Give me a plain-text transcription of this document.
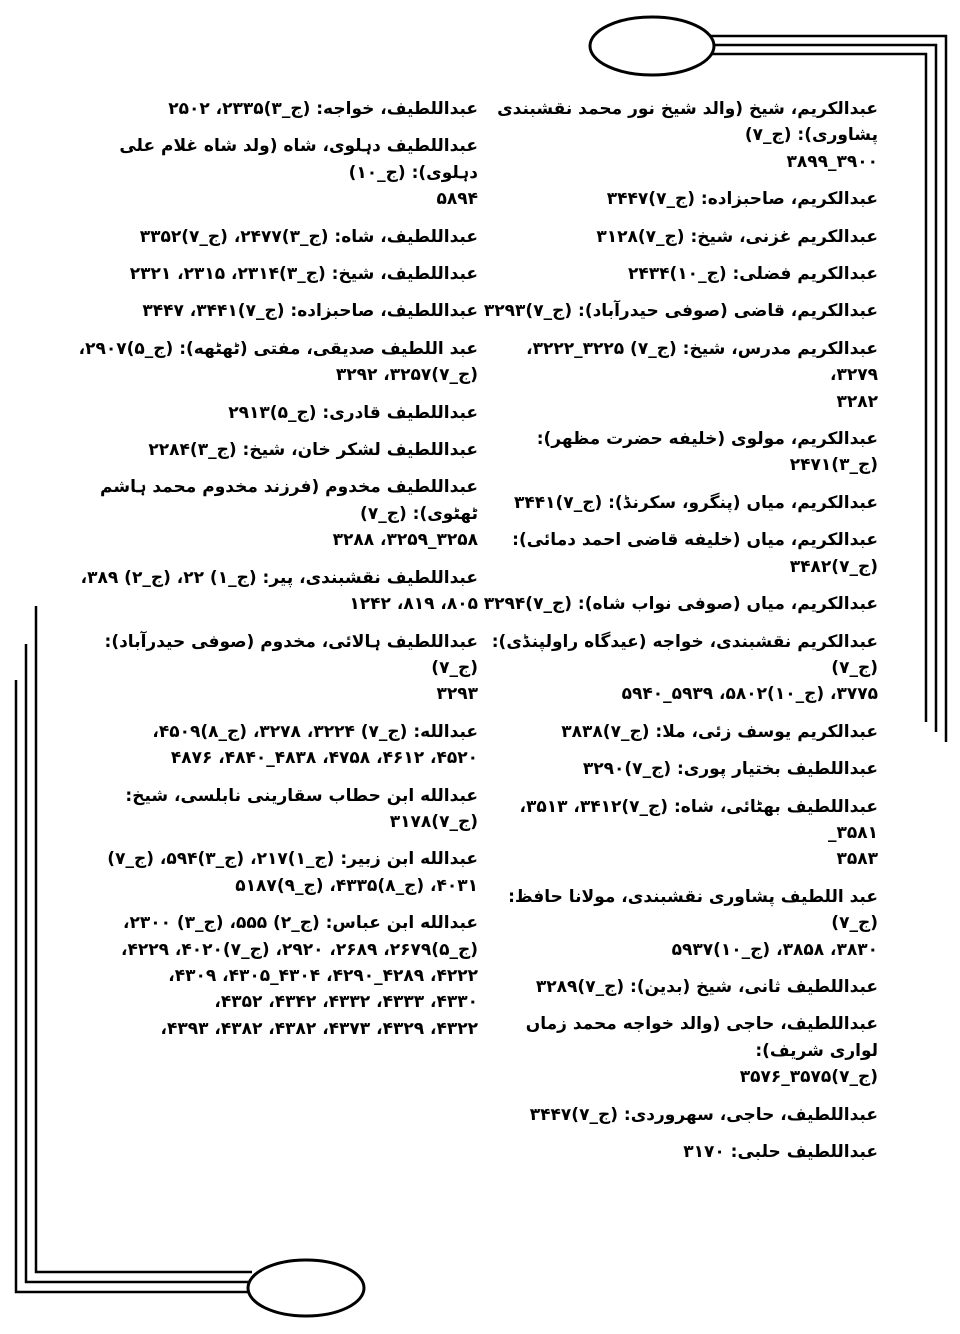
عبدالكريم، شيخ (والد شيخ نور محمد نقشبندی پشاوری): (ج_۷)
۳۹۰۰_۳۸۹۹
عبدالكريم، صاحبزاده: (ج_۷)۳۴۴۷
عبدالكريم غزنی، شيخ: (ج_۷)۳۱۲۸
عبدالكريم فضلی: (ج_۱۰)۲۴۳۴
عبدالكريم، قاضی (صوفی حيدرآباد): (ج_۷)۳۲۹۳
عبدالكريم مدرس، شيخ: (ج_۷) ۳۲۲۵_۳۲۲۲، ۳۲۷۹،
۳۲۸۲
عبدالكريم، مولوی (خليفه حضرت مظهر): (ج_۳)۲۴۷۱
عبدالكريم، مياں (پنگرو، سكرنڈ): (ج_۷)۳۴۴۱
عبدالكريم، مياں (خليفه قاضی احمد دمائی): (ج_۷)۳۴۸۲
عبدالكريم، مياں (صوفی نواب شاه): (ج_۷)۳۲۹۴
عبدالكريم نقشبندی، خواجه (عيدگاه راولپنڈی): (ج_۷)
۳۷۷۵، (ج_۱۰)۵۸۰۲، ۵۹۳۹_۵۹۴۰
عبدالكريم يوسف زئی، ملا: (ج_۷)۳۸۳۸
عبداللطيف بختيار پوری: (ج_۷)۳۲۹۰
عبداللطيف بهٹائی، شاه: (ج_۷)۳۴۱۲، ۳۵۱۳، ۳۵۸۱_
۳۵۸۳
عبد اللطيف پشاوری نقشبندی، مولانا حافظ: (ج_۷)
۳۸۳۰، ۳۸۵۸، (ج_۱۰)۵۹۳۷
عبداللطيف ثانی، شيخ (بدين): (ج_۷)۳۲۸۹
عبداللطيف، حاجی (والد خواجه محمد زماں لواری شريف):
(ج_۷)۳۵۷۵_۳۵۷۶
عبداللطيف، حاجی، سهروردی: (ج_۷)۳۴۴۷
عبداللطيف حلبی: ۳۱۷۰
عبداللطيف، خواجه: (ج_۳)۲۳۳۵، ۲۵۰۲
عبداللطيف دہلوی، شاه (ولد شاه غلام علی دہلوی): (ج_۱۰)
۵۸۹۴
عبداللطيف، شاه: (ج_۳)۲۴۷۷، (ج_۷)۳۳۵۲
عبداللطيف، شيخ: (ج_۳)۲۳۱۴، ۲۳۱۵، ۲۳۲۱
عبداللطيف، صاحبزاده: (ج_۷)۳۴۴۱، ۳۴۴۷
عبد اللطيف صديقی، مفتی (ٹھٹھه): (ج_۵)۲۹۰۷،
(ج_۷)۳۲۵۷، ۳۲۹۲
عبداللطيف قادری: (ج_۵)۲۹۱۳
عبداللطيف لشكر خان، شيخ: (ج_۳)۲۲۸۴
عبداللطيف مخدوم (فرزند مخدوم محمد ہاشم ٹھٹوی): (ج_۷)
۳۲۵۸_۳۲۵۹، ۳۲۸۸
عبداللطيف نقشبندی، پير: (ج_۱) ۲۲، (ج_۲) ۳۸۹،
۸۰۵، ۸۱۹، ۱۲۴۲
عبداللطيف ہالائی، مخدوم (صوفی حيدرآباد): (ج_۷)
۳۲۹۳
عبدالله: (ج_۷) ۳۲۲۴، ۳۲۷۸، (ج_۸)۴۵۰۹،
۴۵۲۰، ۴۶۱۲، ۴۷۵۸، ۴۸۳۸_۴۸۴۰، ۴۸۷۶
عبدالله ابن حطاب سقارينی نابلسی، شيخ: (ج_۷)۳۱۷۸
عبدالله ابن زبير: (ج_۱)۲۱۷، (ج_۳)۵۹۴، (ج_۷)
۴۰۳۱، (ج_۸)۴۳۳۵، (ج_۹)۵۱۸۷
عبدالله ابن عباس: (ج_۲) ۵۵۵، (ج_۳) ۲۳۰۰،
(ج_۵)۲۶۷۹، ۲۶۸۹، ۲۹۲۰، (ج_۷)۴۰۲۰، ۴۲۲۹،
۴۲۲۲، ۴۲۸۹_۴۲۹۰، ۴۳۰۴_۴۳۰۵، ۴۳۰۹،
۴۳۳۰، ۴۳۳۳، ۴۳۳۲، ۴۳۴۲، ۴۳۵۲،
۴۳۲۲، ۴۳۲۹، ۴۳۷۳، ۴۳۸۲، ۴۳۸۲، ۴۳۹۳،
